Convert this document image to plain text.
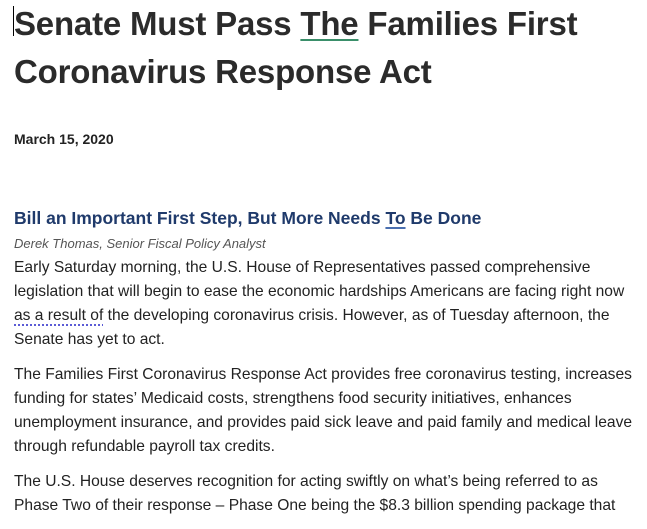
Senate Must Pass The Families First Coronavirus Response Act
March 15, 2020
Bill an Important First Step, But More Needs To Be Done
Derek Thomas, Senior Fiscal Policy Analyst

Early Saturday morning, the U.S. House of Representatives passed comprehensive legislation that will begin to ease the economic hardships Americans are facing right now as a result of the developing coronavirus crisis. However, as of Tuesday afternoon, the Senate has yet to act.

The Families First Coronavirus Response Act provides free coronavirus testing, increases funding for states’ Medicaid costs, strengthens food security initiatives, enhances unemployment insurance, and provides paid sick leave and paid family and medical leave through refundable payroll tax credits.

The U.S. House deserves recognition for acting swiftly on what’s being referred to as Phase Two of their response – Phase One being the $8.3 billion spending package that
